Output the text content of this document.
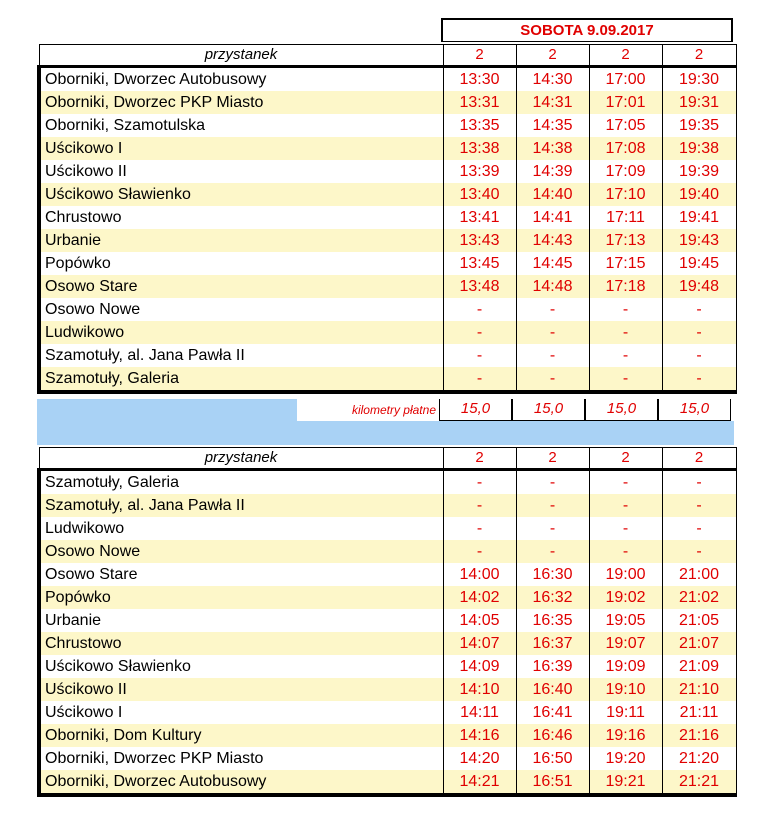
SOBOTA 9.09.2017
przystanek	2	2	2	2
Oborniki, Dworzec Autobusowy	13:30	14:30	17:00	19:30
Oborniki, Dworzec PKP Miasto	13:31	14:31	17:01	19:31
Oborniki, Szamotulska	13:35	14:35	17:05	19:35
Uścikowo I	13:38	14:38	17:08	19:38
Uścikowo II	13:39	14:39	17:09	19:39
Uścikowo Sławienko	13:40	14:40	17:10	19:40
Chrustowo	13:41	14:41	17:11	19:41
Urbanie	13:43	14:43	17:13	19:43
Popówko	13:45	14:45	17:15	19:45
Osowo Stare	13:48	14:48	17:18	19:48
Osowo Nowe	-	-	-	-
Ludwikowo	-	-	-	-
Szamotuły, al. Jana Pawła II	-	-	-	-
Szamotuły, Galeria	-	-	-	-
kilometry płatne	15,0	15,0	15,0	15,0
przystanek	2	2	2	2
Szamotuły, Galeria	-	-	-	-
Szamotuły, al. Jana Pawła II	-	-	-	-
Ludwikowo	-	-	-	-
Osowo Nowe	-	-	-	-
Osowo Stare	14:00	16:30	19:00	21:00
Popówko	14:02	16:32	19:02	21:02
Urbanie	14:05	16:35	19:05	21:05
Chrustowo	14:07	16:37	19:07	21:07
Uścikowo Sławienko	14:09	16:39	19:09	21:09
Uścikowo II	14:10	16:40	19:10	21:10
Uścikowo I	14:11	16:41	19:11	21:11
Oborniki, Dom Kultury	14:16	16:46	19:16	21:16
Oborniki, Dworzec PKP Miasto	14:20	16:50	19:20	21:20
Oborniki, Dworzec Autobusowy	14:21	16:51	19:21	21:21
